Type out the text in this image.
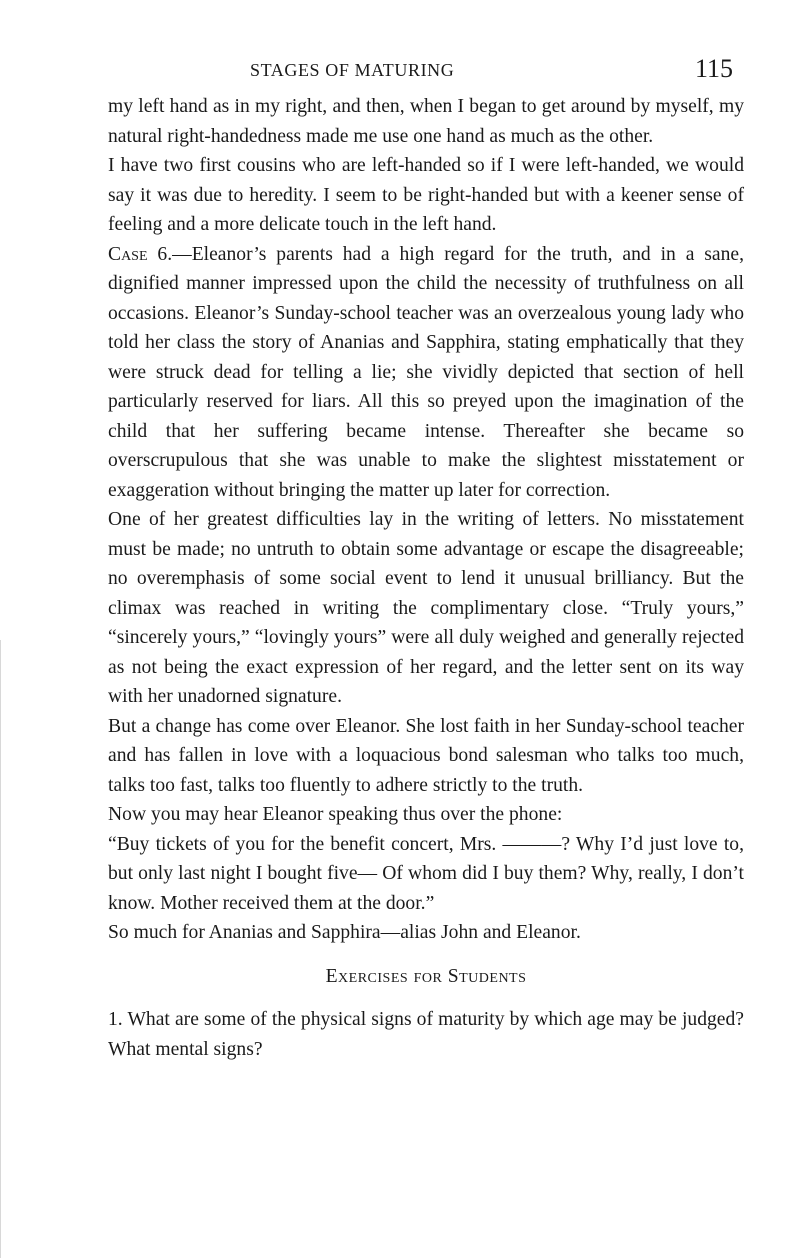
STAGES OF MATURING	115

my left hand as in my right, and then, when I began to get around by myself, my natural right-handedness made me use one hand as much as the other.

I have two first cousins who are left-handed so if I were left-handed, we would say it was due to heredity. I seem to be right-handed but with a keener sense of feeling and a more delicate touch in the left hand.

Case 6.—Eleanor’s parents had a high regard for the truth, and in a sane, dignified manner impressed upon the child the necessity of truthfulness on all occasions. Eleanor’s Sunday-school teacher was an overzealous young lady who told her class the story of Ananias and Sapphira, stating emphatically that they were struck dead for telling a lie; she vividly depicted that section of hell particularly reserved for liars. All this so preyed upon the imagination of the child that her suffering became intense. Thereafter she became so overscrupulous that she was unable to make the slightest misstatement or exaggeration without bringing the matter up later for correction.

One of her greatest difficulties lay in the writing of letters. No misstatement must be made; no untruth to obtain some advantage or escape the disagreeable; no overemphasis of some social event to lend it unusual brilliancy. But the climax was reached in writing the complimentary close. “Truly yours,” “sincerely yours,” “lovingly yours” were all duly weighed and generally rejected as not being the exact expression of her regard, and the letter sent on its way with her unadorned signature.

But a change has come over Eleanor. She lost faith in her Sunday-school teacher and has fallen in love with a loquacious bond salesman who talks too much, talks too fast, talks too fluently to adhere strictly to the truth.

Now you may hear Eleanor speaking thus over the phone:

“Buy tickets of you for the benefit concert, Mrs. ———? Why I’d just love to, but only last night I bought five— Of whom did I buy them? Why, really, I don’t know. Mother received them at the door.”

So much for Ananias and Sapphira—alias John and Eleanor.

Exercises for Students

1. What are some of the physical signs of maturity by which age may be judged? What mental signs?
